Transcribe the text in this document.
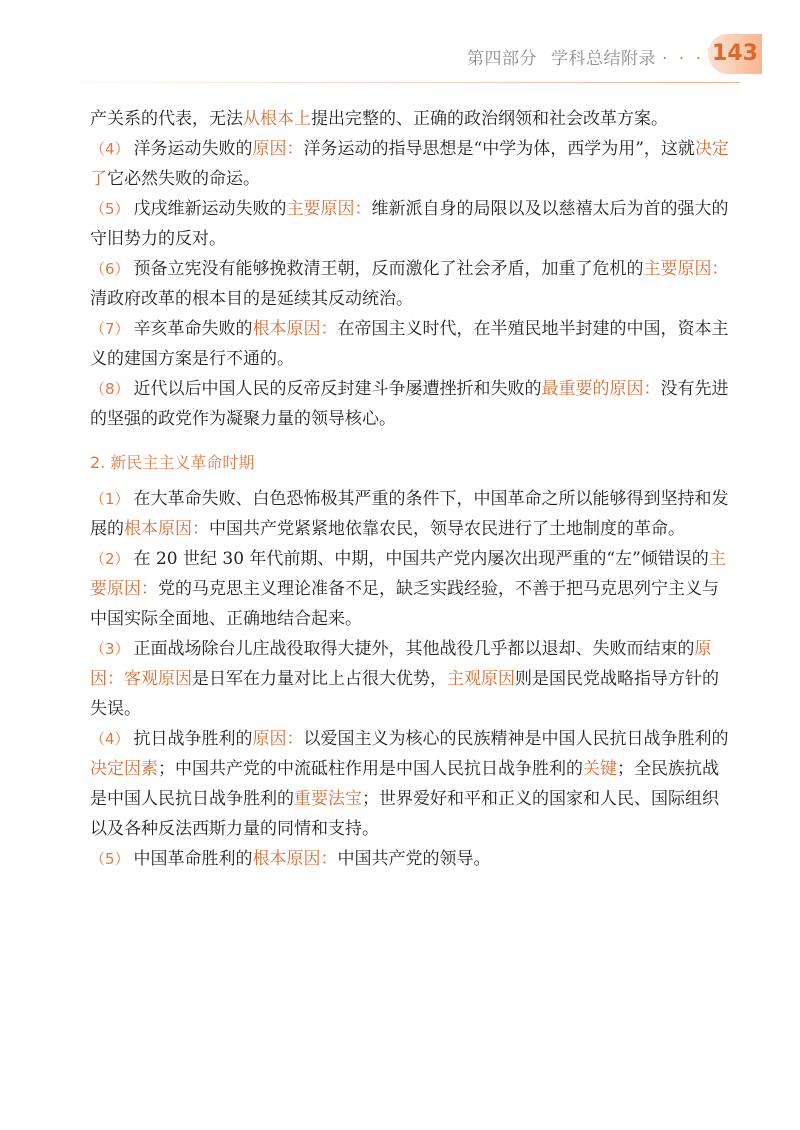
第四部分 学科总结附录 · · · 143

产关系的代表，无法从根本上提出完整的、正确的政治纲领和社会改革方案。

（4） 洋务运动失败的原因：洋务运动的指导思想是“中学为体，西学为用”，这就决定了它必然失败的命运。

（5） 戊戌维新运动失败的主要原因：维新派自身的局限以及以慈禧太后为首的强大的守旧势力的反对。

（6） 预备立宪没有能够挽救清王朝，反而激化了社会矛盾，加重了危机的主要原因：清政府改革的根本目的是延续其反动统治。

（7） 辛亥革命失败的根本原因：在帝国主义时代，在半殖民地半封建的中国，资本主义的建国方案是行不通的。

（8） 近代以后中国人民的反帝反封建斗争屡遭挫折和失败的最重要的原因：没有先进的坚强的政党作为凝聚力量的领导核心。

2. 新民主主义革命时期

（1） 在大革命失败、白色恐怖极其严重的条件下，中国革命之所以能够得到坚持和发展的根本原因：中国共产党紧紧地依靠农民，领导农民进行了土地制度的革命。

（2） 在 20 世纪 30 年代前期、中期，中国共产党内屡次出现严重的“左”倾错误的主要原因：党的马克思主义理论准备不足，缺乏实践经验，不善于把马克思列宁主义与中国实际全面地、正确地结合起来。

（3） 正面战场除台儿庄战役取得大捷外，其他战役几乎都以退却、失败而结束的原因：客观原因是日军在力量对比上占很大优势，主观原因则是国民党战略指导方针的失误。

（4） 抗日战争胜利的原因：以爱国主义为核心的民族精神是中国人民抗日战争胜利的决定因素；中国共产党的中流砥柱作用是中国人民抗日战争胜利的关键；全民族抗战是中国人民抗日战争胜利的重要法宝；世界爱好和平和正义的国家和人民、国际组织以及各种反法西斯力量的同情和支持。

（5） 中国革命胜利的根本原因：中国共产党的领导。
